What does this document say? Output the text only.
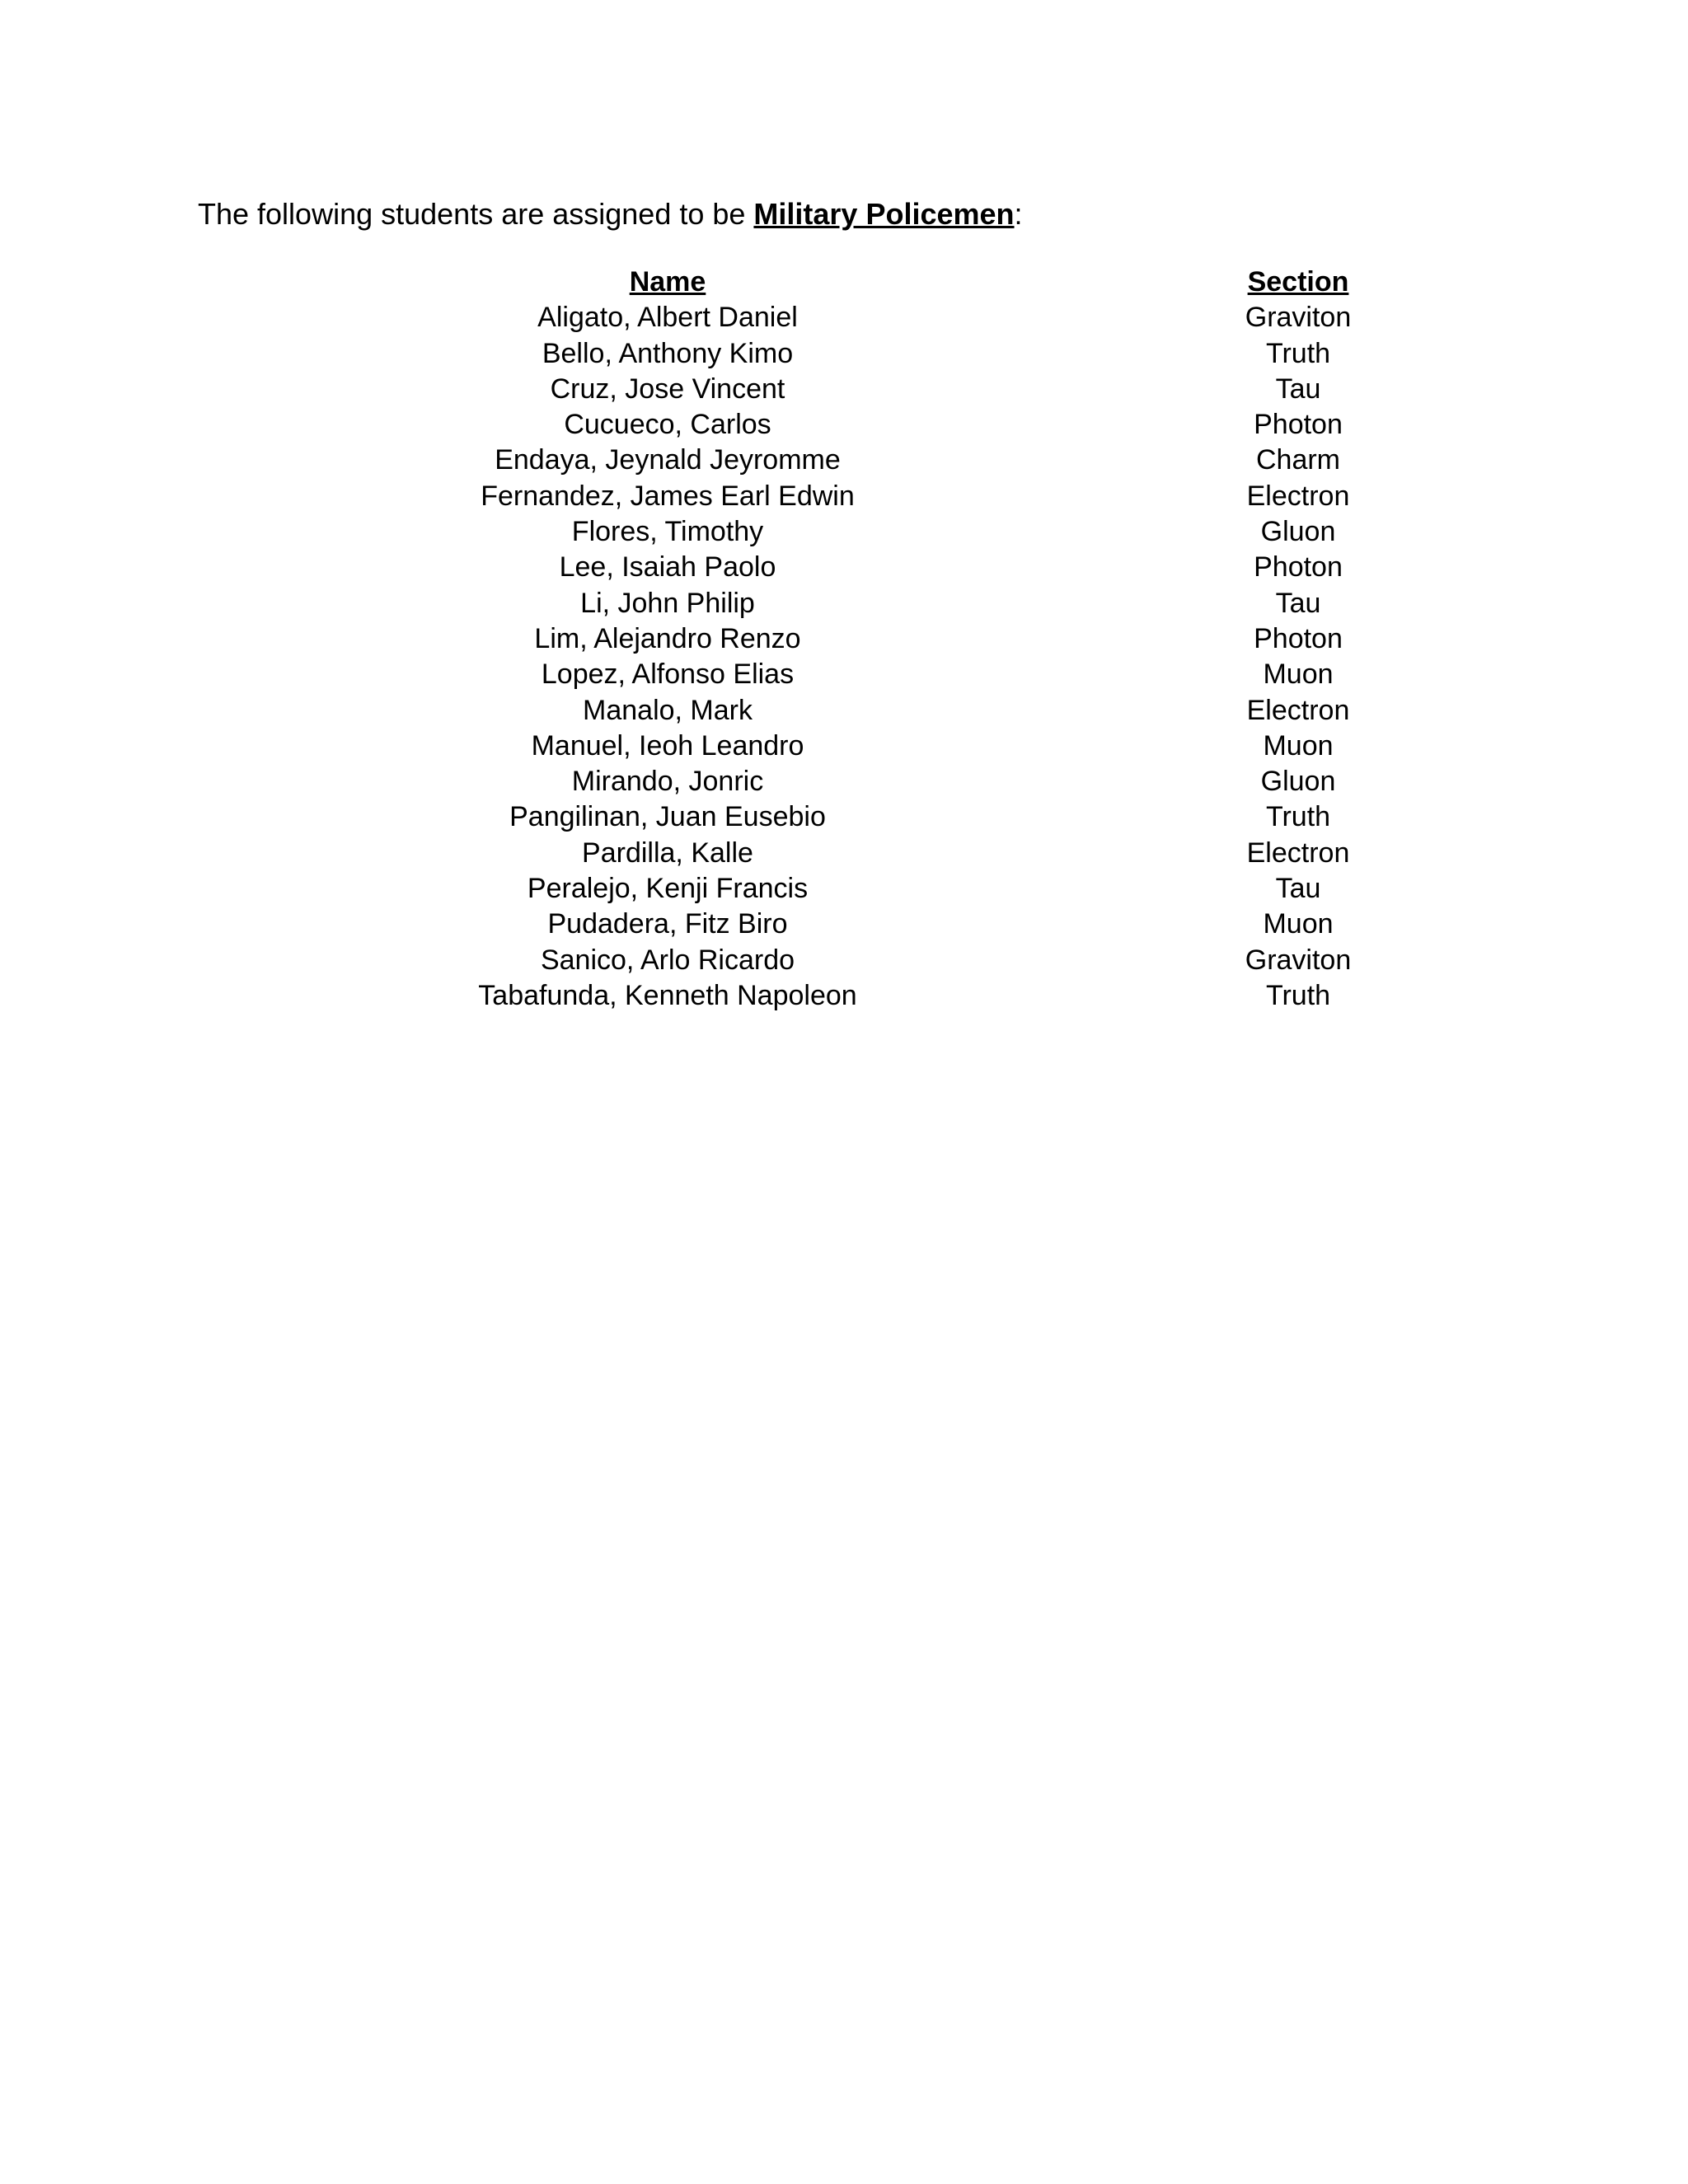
The following students are assigned to be Military Policemen:
Name	Section
Aligato, Albert Daniel	Graviton
Bello, Anthony Kimo	Truth
Cruz, Jose Vincent	Tau
Cucueco, Carlos	Photon
Endaya, Jeynald Jeyromme	Charm
Fernandez, James Earl Edwin	Electron
Flores, Timothy	Gluon
Lee, Isaiah Paolo	Photon
Li, John Philip	Tau
Lim, Alejandro Renzo	Photon
Lopez, Alfonso Elias	Muon
Manalo, Mark	Electron
Manuel, Ieoh Leandro	Muon
Mirando, Jonric	Gluon
Pangilinan, Juan Eusebio	Truth
Pardilla, Kalle	Electron
Peralejo, Kenji Francis	Tau
Pudadera, Fitz Biro	Muon
Sanico, Arlo Ricardo	Graviton
Tabafunda, Kenneth Napoleon	Truth
